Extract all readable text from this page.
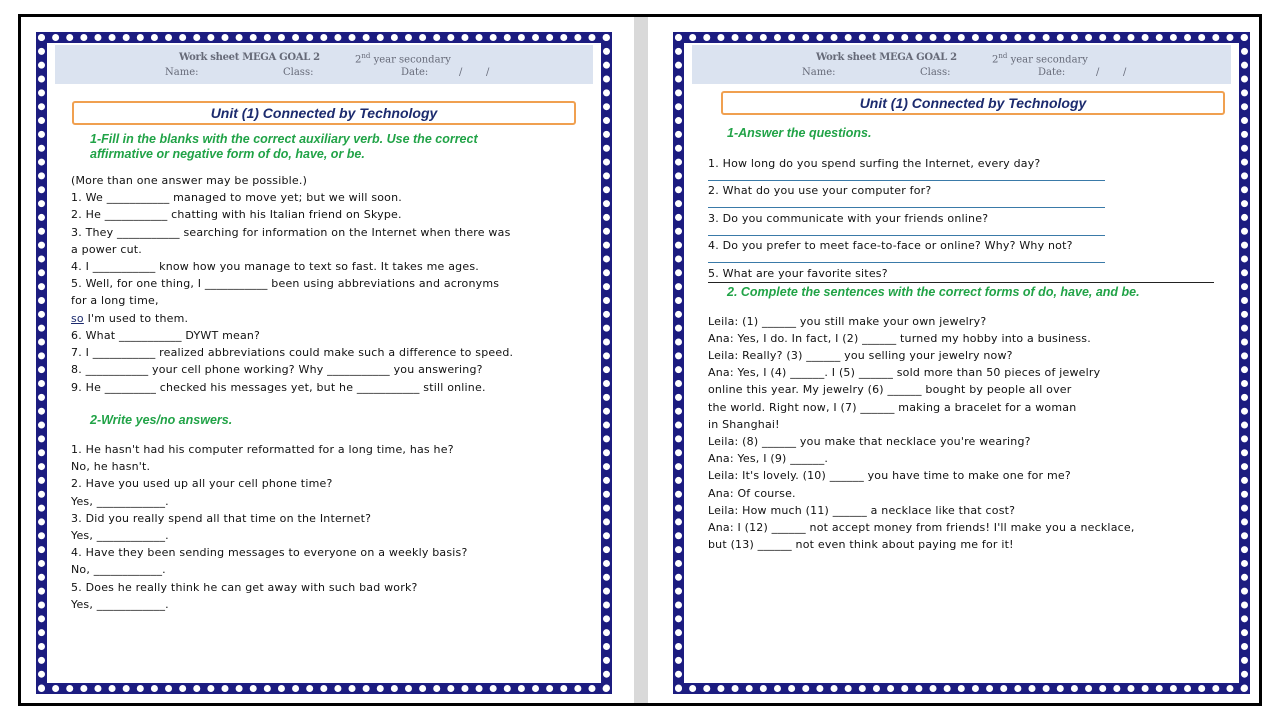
Work sheet MEGA GOAL 2	2nd year secondary
Name:	Class:	Date:	/ /
Unit (1) Connected by Technology
1-Fill in the blanks with the correct auxiliary verb. Use the correct
affirmative or negative form of do, have, or be.
(More than one answer may be possible.)
1. We ___________ managed to move yet; but we will soon.
2. He ___________ chatting with his Italian friend on Skype.
3. They ___________ searching for information on the Internet when there was
a power cut.
4. I ___________ know how you manage to text so fast. It takes me ages.
5. Well, for one thing, I ___________ been using abbreviations and acronyms
for a long time,
so I'm used to them.
6. What ___________ DYWT mean?
7. I ___________ realized abbreviations could make such a difference to speed.
8. ___________ your cell phone working? Why ___________ you answering?
9. He _________ checked his messages yet, but he ___________ still online.
2-Write yes/no answers.
1. He hasn't had his computer reformatted for a long time, has he?
No, he hasn't.
2. Have you used up all your cell phone time?
Yes, ____________.
3. Did you really spend all that time on the Internet?
Yes, ____________.
4. Have they been sending messages to everyone on a weekly basis?
No, ____________.
5. Does he really think he can get away with such bad work?
Yes, ____________.
Work sheet MEGA GOAL 2	2nd year secondary
Name:	Class:	Date:	/ /
Unit (1) Connected by Technology
1-Answer the questions.
1. How long do you spend surfing the Internet, every day?
2. What do you use your computer for?
3. Do you communicate with your friends online?
4. Do you prefer to meet face-to-face or online? Why? Why not?
5. What are your favorite sites?
2. Complete the sentences with the correct forms of do, have, and be.
Leila: (1) ______ you still make your own jewelry?
Ana: Yes, I do. In fact, I (2) ______ turned my hobby into a business.
Leila: Really? (3) ______ you selling your jewelry now?
Ana: Yes, I (4) ______. I (5) ______ sold more than 50 pieces of jewelry
online this year. My jewelry (6) ______ bought by people all over
the world. Right now, I (7) ______ making a bracelet for a woman
in Shanghai!
Leila: (8) ______ you make that necklace you're wearing?
Ana: Yes, I (9) ______.
Leila: It's lovely. (10) ______ you have time to make one for me?
Ana: Of course.
Leila: How much (11) ______ a necklace like that cost?
Ana: I (12) ______ not accept money from friends! I'll make you a necklace,
but (13) ______ not even think about paying me for it!
